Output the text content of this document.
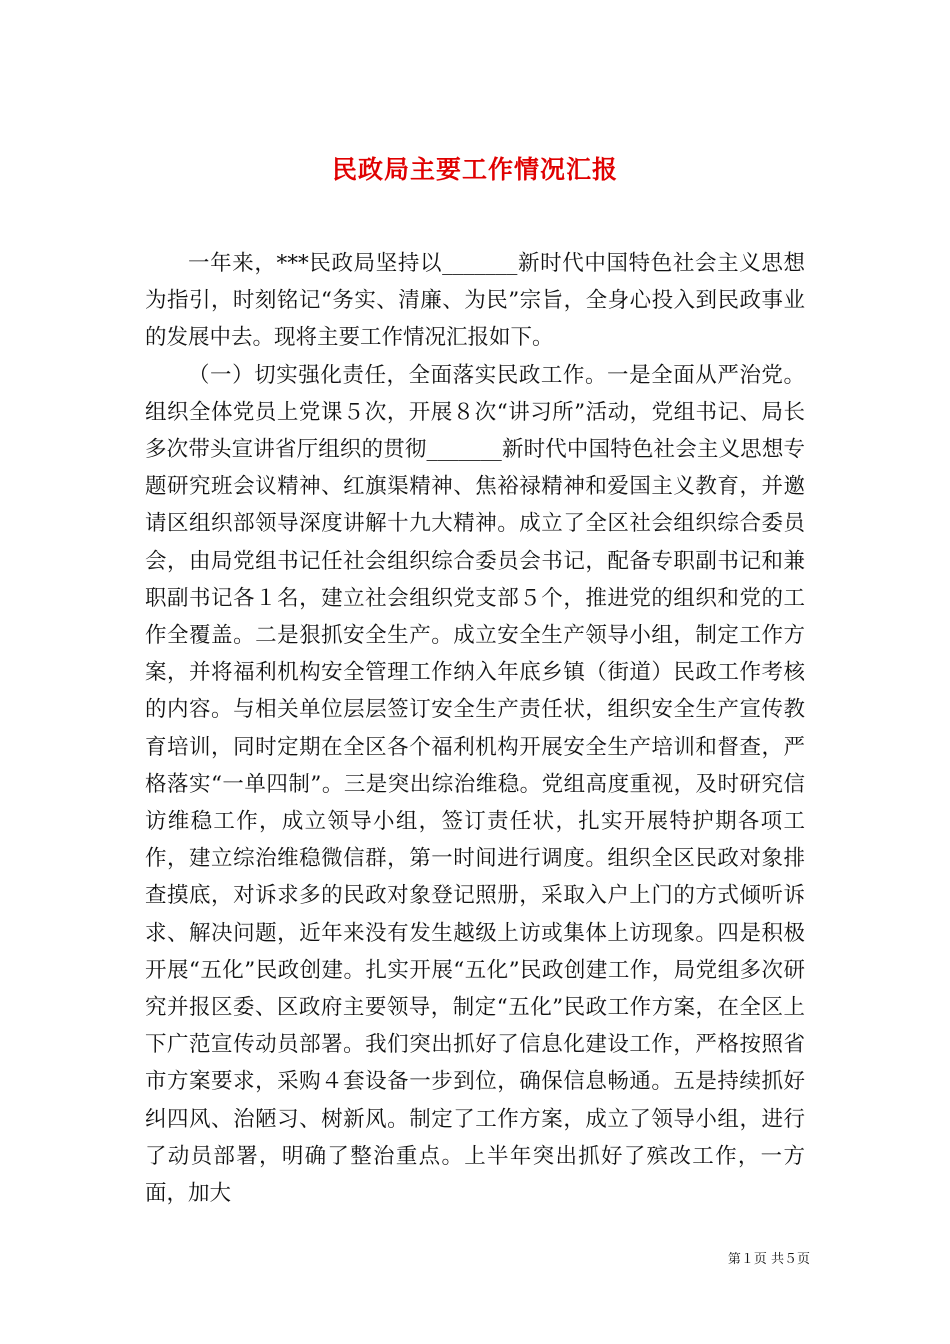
民政局主要工作情况汇报

一年来，***民政局坚持以_______新时代中国特色社会主义思想为指引，时刻铭记“务实、清廉、为民”宗旨，全身心投入到民政事业的发展中去。现将主要工作情况汇报如下。

（一）切实强化责任，全面落实民政工作。一是全面从严治党。组织全体党员上党课５次，开展８次“讲习所”活动，党组书记、局长多次带头宣讲省厅组织的贯彻_______新时代中国特色社会主义思想专题研究班会议精神、红旗渠精神、焦裕禄精神和爱国主义教育，并邀请区组织部领导深度讲解十九大精神。成立了全区社会组织综合委员会，由局党组书记任社会组织综合委员会书记，配备专职副书记和兼职副书记各１名，建立社会组织党支部５个，推进党的组织和党的工作全覆盖。二是狠抓安全生产。成立安全生产领导小组，制定工作方案，并将福利机构安全管理工作纳入年底乡镇（街道）民政工作考核的内容。与相关单位层层签订安全生产责任状，组织安全生产宣传教育培训，同时定期在全区各个福利机构开展安全生产培训和督查，严格落实“一单四制”。三是突出综治维稳。党组高度重视，及时研究信访维稳工作，成立领导小组，签订责任状，扎实开展特护期各项工作，建立综治维稳微信群，第一时间进行调度。组织全区民政对象排查摸底，对诉求多的民政对象登记照册，采取入户上门的方式倾听诉求、解决问题，近年来没有发生越级上访或集体上访现象。四是积极开展“五化”民政创建。扎实开展“五化”民政创建工作，局党组多次研究并报区委、区政府主要领导，制定“五化”民政工作方案，在全区上下广范宣传动员部署。我们突出抓好了信息化建设工作，严格按照省市方案要求，采购４套设备一步到位，确保信息畅通。五是持续抓好纠四风、治陋习、树新风。制定了工作方案，成立了领导小组，进行了动员部署，明确了整治重点。上半年突出抓好了殡改工作，一方面，加大

第１页 共５页
